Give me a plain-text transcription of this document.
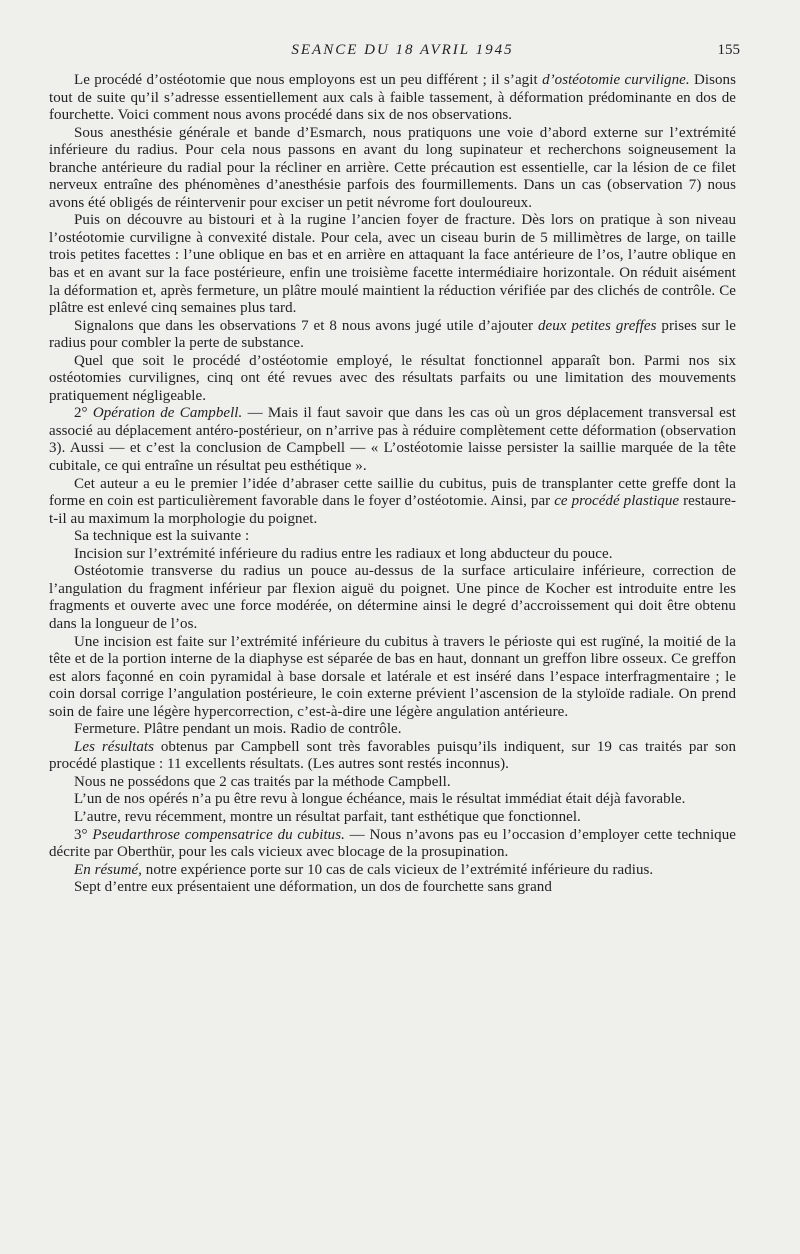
SEANCE DU 18 AVRIL 1945	155

Le procédé d’ostéotomie que nous employons est un peu différent ; il s’agit d’ostéotomie curviligne. Disons tout de suite qu’il s’adresse essentiellement aux cals à faible tassement, à déformation prédominante en dos de fourchette. Voici comment nous avons procédé dans six de nos observations.

Sous anesthésie générale et bande d’Esmarch, nous pratiquons une voie d’abord externe sur l’extrémité inférieure du radius. Pour cela nous passons en avant du long supinateur et recherchons soigneusement la branche antérieure du radial pour la récliner en arrière. Cette précaution est essentielle, car la lésion de ce filet nerveux entraîne des phénomènes d’anesthésie parfois des fourmillements. Dans un cas (observation 7) nous avons été obligés de réintervenir pour exciser un petit névrome fort douloureux.

Puis on découvre au bistouri et à la rugine l’ancien foyer de fracture. Dès lors on pratique à son niveau l’ostéotomie curviligne à convexité distale. Pour cela, avec un ciseau burin de 5 millimètres de large, on taille trois petites facettes : l’une oblique en bas et en arrière en attaquant la face antérieure de l’os, l’autre oblique en bas et en avant sur la face postérieure, enfin une troisième facette intermédiaire horizontale. On réduit aisément la déformation et, après fermeture, un plâtre moulé maintient la réduction vérifiée par des clichés de contrôle. Ce plâtre est enlevé cinq semaines plus tard.

Signalons que dans les observations 7 et 8 nous avons jugé utile d’ajouter deux petites greffes prises sur le radius pour combler la perte de substance.

Quel que soit le procédé d’ostéotomie employé, le résultat fonctionnel apparaît bon. Parmi nos six ostéotomies curvilignes, cinq ont été revues avec des résultats parfaits ou une limitation des mouvements pratiquement négligeable.

2° Opération de Campbell. — Mais il faut savoir que dans les cas où un gros déplacement transversal est associé au déplacement antéro-postérieur, on n’arrive pas à réduire complètement cette déformation (observation 3). Aussi — et c’est la conclusion de Campbell — « L’ostéotomie laisse persister la saillie marquée de la tête cubitale, ce qui entraîne un résultat peu esthétique ».

Cet auteur a eu le premier l’idée d’abraser cette saillie du cubitus, puis de transplanter cette greffe dont la forme en coin est particulièrement favorable dans le foyer d’ostéotomie. Ainsi, par ce procédé plastique restaure-t-il au maximum la morphologie du poignet.

Sa technique est la suivante :

Incision sur l’extrémité inférieure du radius entre les radiaux et long abducteur du pouce.

Ostéotomie transverse du radius un pouce au-dessus de la surface articulaire inférieure, correction de l’angulation du fragment inférieur par flexion aiguë du poignet. Une pince de Kocher est introduite entre les fragments et ouverte avec une force modérée, on détermine ainsi le degré d’accroissement qui doit être obtenu dans la longueur de l’os.

Une incision est faite sur l’extrémité inférieure du cubitus à travers le périoste qui est rugïné, la moitié de la tête et de la portion interne de la diaphyse est séparée de bas en haut, donnant un greffon libre osseux. Ce greffon est alors façonné en coin pyramidal à base dorsale et latérale et est inséré dans l’espace interfragmentaire ; le coin dorsal corrige l’angulation postérieure, le coin externe prévient l’ascension de la styloïde radiale. On prend soin de faire une légère hypercorrection, c’est-à-dire une légère angulation antérieure.

Fermeture. Plâtre pendant un mois. Radio de contrôle.

Les résultats obtenus par Campbell sont très favorables puisqu’ils indiquent, sur 19 cas traités par son procédé plastique : 11 excellents résultats. (Les autres sont restés inconnus).

Nous ne possédons que 2 cas traités par la méthode Campbell.

L’un de nos opérés n’a pu être revu à longue échéance, mais le résultat immédiat était déjà favorable.

L’autre, revu récemment, montre un résultat parfait, tant esthétique que fonctionnel.

3° Pseudarthrose compensatrice du cubitus. — Nous n’avons pas eu l’occasion d’employer cette technique décrite par Oberthür, pour les cals vicieux avec blocage de la prosupination.

En résumé, notre expérience porte sur 10 cas de cals vicieux de l’extrémité inférieure du radius.

Sept d’entre eux présentaient une déformation, un dos de fourchette sans grand
